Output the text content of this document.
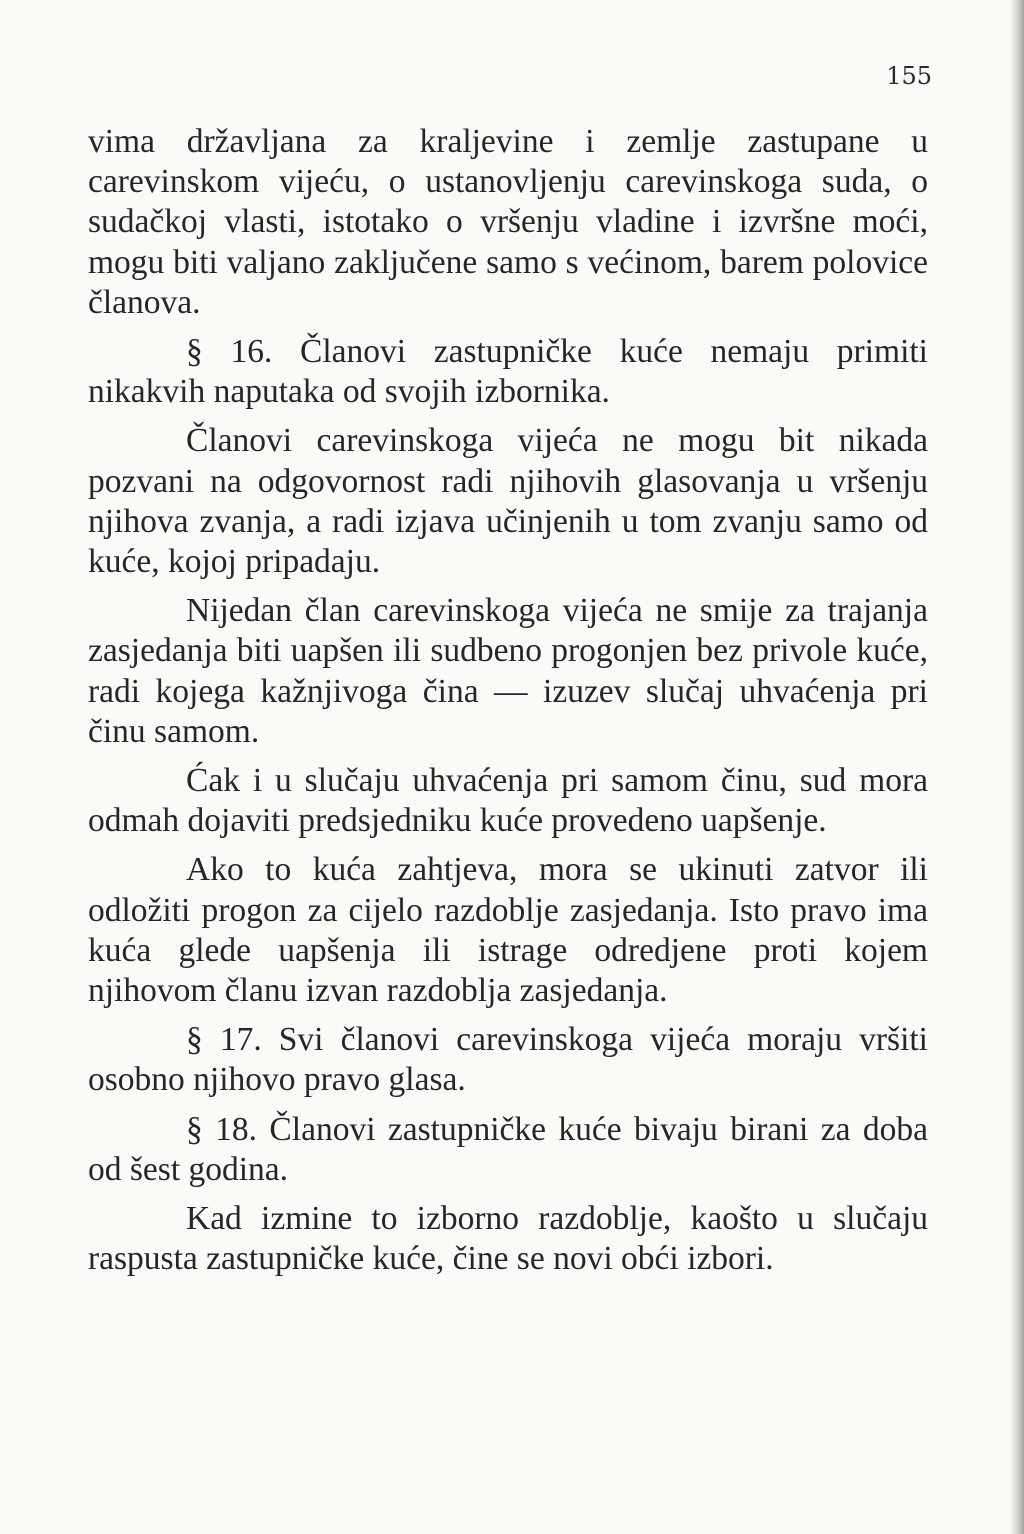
155

vima državljana za kraljevine i zemlje zastupane u carevinskom vijeću, o ustanovljenju carevinskoga suda, o sudačkoj vlasti, istotako o vršenju vladine i izvršne moći, mogu biti valjano zaključene samo s većinom, barem polovice članova.

§ 16. Članovi zastupničke kuće nemaju primiti nikakvih naputaka od svojih izbornika.

Članovi carevinskoga vijeća ne mogu bit nikada pozvani na odgovornost radi njihovih glasovanja u vršenju njihova zvanja, a radi izjava učinjenih u tom zvanju samo od kuće, kojoj pripadaju.

Nijedan član carevinskoga vijeća ne smije za trajanja zasjedanja biti uapšen ili sudbeno progonjen bez privole kuće, radi kojega kažnjivoga čina — izuzev slučaj uhvaćenja pri činu samom.

Ćak i u slučaju uhvaćenja pri samom činu, sud mora odmah dojaviti predsjedniku kuće provedeno uapšenje.

Ako to kuća zahtjeva, mora se ukinuti zatvor ili odložiti progon za cijelo razdoblje zasjedanja. Isto pravo ima kuća glede uapšenja ili istrage odredjene proti kojem njihovom članu izvan razdoblja zasjedanja.

§ 17. Svi članovi carevinskoga vijeća moraju vršiti osobno njihovo pravo glasa.

§ 18. Članovi zastupničke kuće bivaju birani za doba od šest godina.

Kad izmine to izborno razdoblje, kaošto u slučaju raspusta zastupničke kuće, čine se novi obći izbori.
